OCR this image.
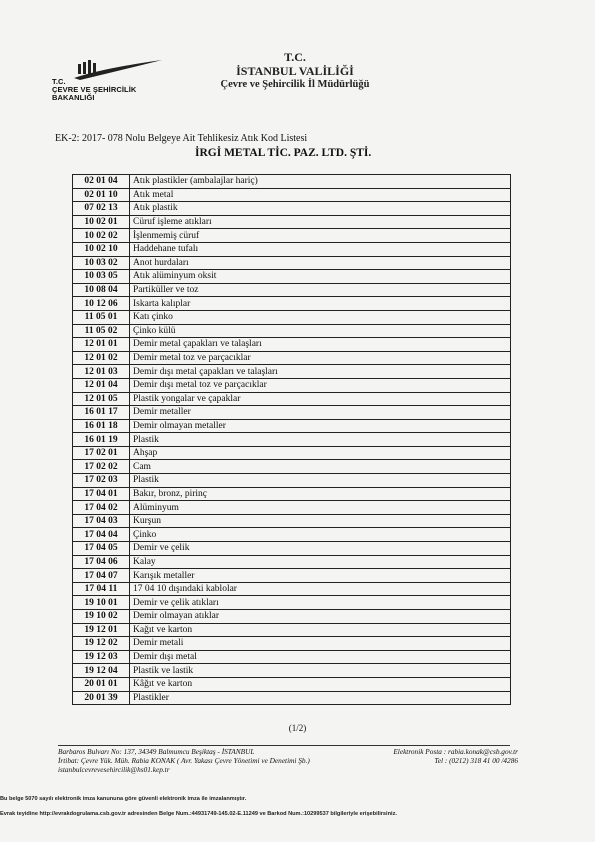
T.C.
ÇEVRE VE ŞEHİRCİLİK
BAKANLIĞI
T.C.
İSTANBUL VALİLİĞİ
Çevre ve Şehircilik İl Müdürlüğü
EK-2: 2017- 078 Nolu Belgeye Ait Tehlikesiz Atık Kod Listesi
İRGİ METAL TİC. PAZ. LTD. ŞTİ.
02 01 04	Atık plastikler (ambalajlar hariç)
02 01 10	Atık metal
07 02 13	Atık plastik
10 02 01	Cüruf işleme atıkları
10 02 02	İşlenmemiş cüruf
10 02 10	Haddehane tufalı
10 03 02	Anot hurdaları
10 03 05	Atık alüminyum oksit
10 08 04	Partiküller ve toz
10 12 06	Iskarta kalıplar
11 05 01	Katı çinko
11 05 02	Çinko külü
12 01 01	Demir metal çapakları ve talaşları
12 01 02	Demir metal toz ve parçacıklar
12 01 03	Demir dışı metal çapakları ve talaşları
12 01 04	Demir dışı metal toz ve parçacıklar
12 01 05	Plastik yongalar ve çapaklar
16 01 17	Demir metaller
16 01 18	Demir olmayan metaller
16 01 19	Plastik
17 02 01	Ahşap
17 02 02	Cam
17 02 03	Plastik
17 04 01	Bakır, bronz, pirinç
17 04 02	Alüminyum
17 04 03	Kurşun
17 04 04	Çinko
17 04 05	Demir ve çelik
17 04 06	Kalay
17 04 07	Karışık metaller
17 04 11	17 04 10 dışındaki kablolar
19 10 01	Demir ve çelik atıkları
19 10 02	Demir olmayan atıklar
19 12 01	Kağıt ve karton
19 12 02	Demir metali
19 12 03	Demir dışı metal
19 12 04	Plastik ve lastik
20 01 01	Kâğıt ve karton
20 01 39	Plastikler
(1/2)
Barbaros Bulvarı No: 137, 34349 Balmumcu Beşiktaş - İSTANBUL	Elektronik Posta : rabia.konak@csb.gov.tr
İrtibat: Çevre Yük. Müh. Rabia KONAK ( Avr. Yakası Çevre Yönetimi ve Denetimi Şb.)	Tel : (0212) 318 41 00 /4286
istanbulcevrevesehircilik@hs01.kep.tr
Bu belge 5070 sayılı elektronik imza kanununa göre güvenli elektronik imza ile imzalanmıştır.
Evrak teyidine http://evrakdogrulama.csb.gov.tr adresinden Belge Num.:44931749-145.02-E.11249 ve Barkod Num.:10299537 bilgileriyle erişebilirsiniz.
